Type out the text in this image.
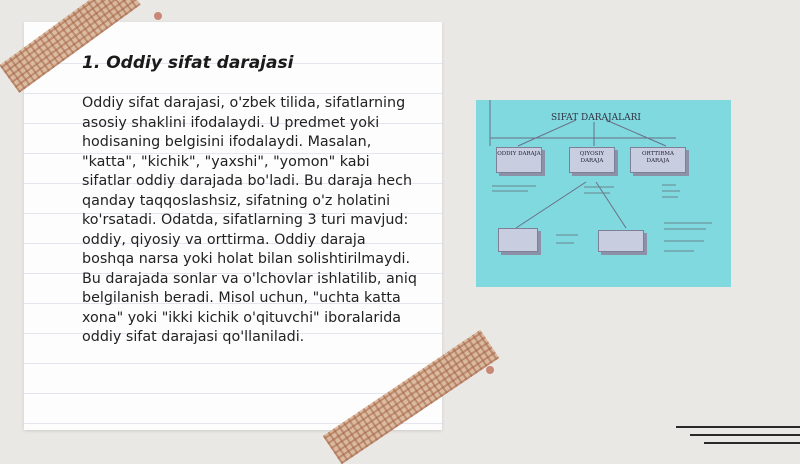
1. Oddiy sifat darajasi

Oddiy sifat darajasi, o'zbek tilida, sifatlarning asosiy shaklini ifodalaydi. U predmet yoki hodisaning belgisini ifodalaydi. Masalan, "katta", "kichik", "yaxshi", "yomon" kabi sifatlar oddiy darajada bo'ladi. Bu daraja hech qanday taqqoslashsiz, sifatning o'z holatini ko'rsatadi. Odatda, sifatlarning 3 turi mavjud: oddiy, qiyosiy va orttirma. Oddiy daraja boshqa narsa yoki holat bilan solishtirilmaydi. Bu darajada sonlar va o'lchovlar ishlatilib, aniq belgilanish beradi. Misol uchun, "uchta katta xona" yoki "ikki kichik o'qituvchi" iboralarida oddiy sifat darajasi qo'llaniladi.

SIFAT DARAJALARI
ODDIY DARAJA	QIYOSIY DARAJA
ORTTIRMA DARAJA
